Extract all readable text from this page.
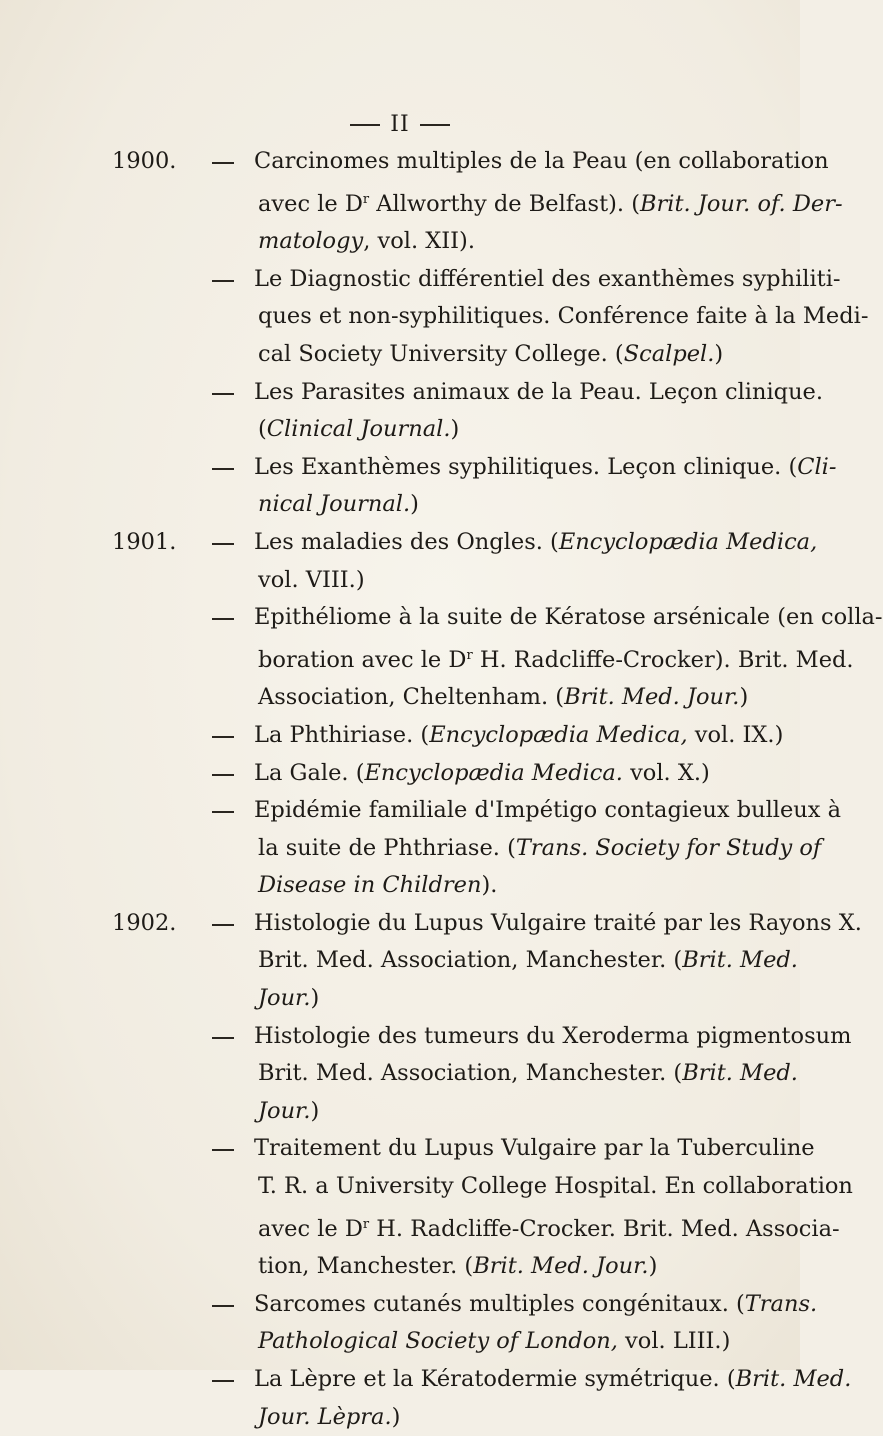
II
1900.	Carcinomes multiples de la Peau (en collaboration
avec le $D^r$ Allworthy de Belfast). (Brit. Jour. of. Der-
matology, vol. XII).
Le Diagnostic différentiel des exanthèmes syphiliti-
ques et non-syphilitiques. Conférence faite à la Medi-
cal Society University College. (Scalpel.)
Les Parasites animaux de la Peau. Leçon clinique.
(Clinical Journal.)
Les Exanthèmes syphilitiques. Leçon clinique. (Cli-
nical Journal.)
1901.	Les maladies des Ongles. (Encyclopædia Medica,
vol. VIII.)
Epithéliome à la suite de Kératose arsénicale (en colla-
boration avec le $D^r$ H. Radcliffe-Crocker). Brit. Med.
Association, Cheltenham. (Brit. Med. Jour.)
La Phthiriase. (Encyclopædia Medica, vol. IX.)
La Gale. (Encyclopædia Medica. vol. X.)
Epidémie familiale d'Impétigo contagieux bulleux à
la suite de Phthriase. (Trans. Society for Study of
Disease in Children).
1902.	Histologie du Lupus Vulgaire traité par les Rayons X.
Brit. Med. Association, Manchester. (Brit. Med.
Jour.)
Histologie des tumeurs du Xeroderma pigmentosum
Brit. Med. Association, Manchester. (Brit. Med.
Jour.)
Traitement du Lupus Vulgaire par la Tuberculine
T. R. a University College Hospital. En collaboration
avec le $D^r$ H. Radcliffe-Crocker. Brit. Med. Associa-
tion, Manchester. (Brit. Med. Jour.)
Sarcomes cutanés multiples congénitaux. (Trans.
Pathological Society of London, vol. LIII.)
La Lèpre et la Kératodermie symétrique. (Brit. Med.
Jour. Lèpra.)
